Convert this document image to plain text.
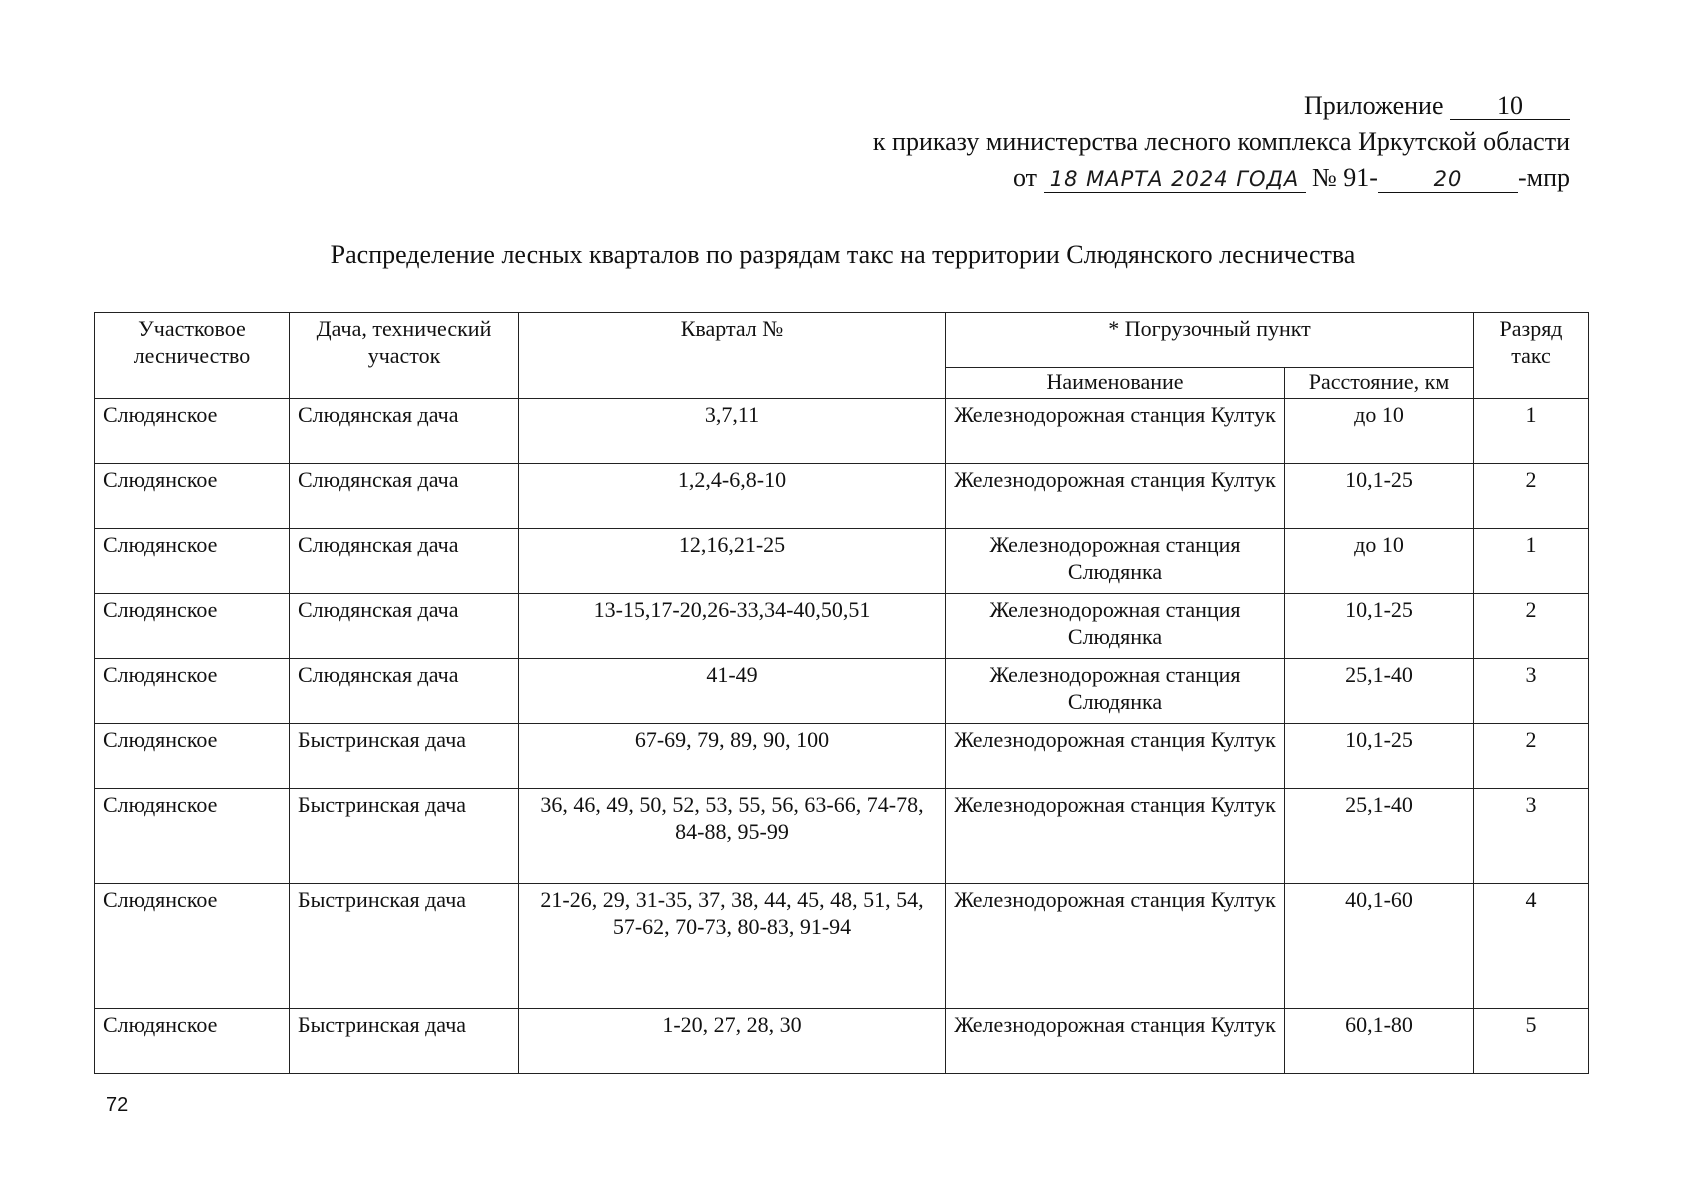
Приложение 10
к приказу министерства лесного комплекса Иркутской области
от 18 МАРТА 2024 ГОДА № 91-	20 -мпр
Распределение лесных кварталов по разрядам такс на территории Слюдянского лесничества
Участковое лесничество	Дача, технический участок	Квартал №	* Погрузочный пункт		Разряд такс
			Наименование	Расстояние, км	
Слюдянское	Слюдянская дача	3,7,11	Железнодорожная станция Култук	до 10	1
Слюдянское	Слюдянская дача	1,2,4-6,8-10	Железнодорожная станция Култук	10,1-25	2
Слюдянское	Слюдянская дача	12,16,21-25	Железнодорожная станция Слюдянка	до 10	1
Слюдянское	Слюдянская дача	13-15,17-20,26-33,34-40,50,51	Железнодорожная станция Слюдянка	10,1-25	2
Слюдянское	Слюдянская дача	41-49	Железнодорожная станция Слюдянка	25,1-40	3
Слюдянское	Быстринская дача	67-69, 79, 89, 90, 100	Железнодорожная станция Култук	10,1-25	2
Слюдянское	Быстринская дача	36, 46, 49, 50, 52, 53, 55, 56, 63-66, 74-78, 84-88, 95-99	Железнодорожная станция Култук	25,1-40	3
Слюдянское	Быстринская дача	21-26, 29, 31-35, 37, 38, 44, 45, 48, 51, 54, 57-62, 70-73, 80-83, 91-94	Железнодорожная станция Култук	40,1-60	4
Слюдянское	Быстринская дача	1-20, 27, 28, 30	Железнодорожная станция Култук	60,1-80	5
72
